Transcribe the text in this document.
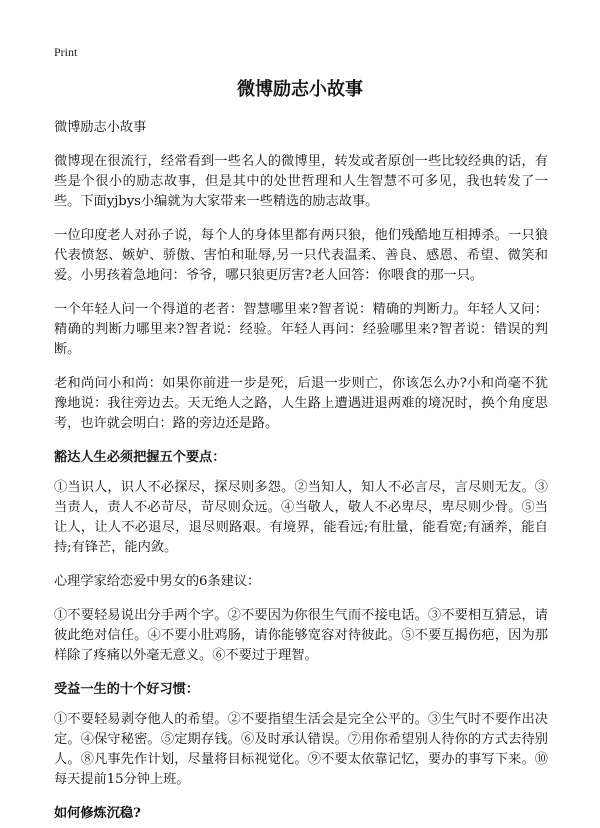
Print
微博励志小故事

微博励志小故事

微博现在很流行，经常看到一些名人的微博里，转发或者原创一些比较经典的话，有些是个很小的励志故事，但是其中的处世哲理和人生智慧不可多见，我也转发了一些。下面yjbys小编就为大家带来一些精选的励志故事。

一位印度老人对孙子说，每个人的身体里都有两只狼，他们残酷地互相搏杀。一只狼代表愤怒、嫉妒、骄傲、害怕和耻辱,另一只代表温柔、善良、感恩、希望、微笑和爱。小男孩着急地问：爷爷，哪只狼更厉害?老人回答：你喂食的那一只。

一个年轻人问一个得道的老者：智慧哪里来?智者说：精确的判断力。年轻人又问：精确的判断力哪里来?智者说：经验。年轻人再问：经验哪里来?智者说：错误的判断。

老和尚问小和尚：如果你前进一步是死，后退一步则亡，你该怎么办?小和尚毫不犹豫地说：我往旁边去。天无绝人之路，人生路上遭遇进退两难的境况时，换个角度思考，也许就会明白：路的旁边还是路。

豁达人生必须把握五个要点：

①当识人，识人不必探尽，探尽则多怨。②当知人，知人不必言尽，言尽则无友。③当责人，责人不必苛尽，苛尽则众远。④当敬人，敬人不必卑尽，卑尽则少骨。⑤当让人，让人不必退尽，退尽则路艰。有境界，能看远;有肚量，能看宽;有涵养，能自持;有锋芒，能内敛。

心理学家给恋爱中男女的6条建议：

①不要轻易说出分手两个字。②不要因为你很生气而不接电话。③不要相互猜忌，请彼此绝对信任。④不要小肚鸡肠，请你能够宽容对待彼此。⑤不要互揭伤疤，因为那样除了疼痛以外毫无意义。⑥不要过于理智。

受益一生的十个好习惯：

①不要轻易剥夺他人的希望。②不要指望生活会是完全公平的。③生气时不要作出决定。④保守秘密。⑤定期存钱。⑥及时承认错误。⑦用你希望别人待你的方式去待别人。⑧凡事先作计划，尽量将目标视觉化。⑨不要太依靠记忆，要办的事写下来。⑩每天提前15分钟上班。

如何修炼沉稳?
